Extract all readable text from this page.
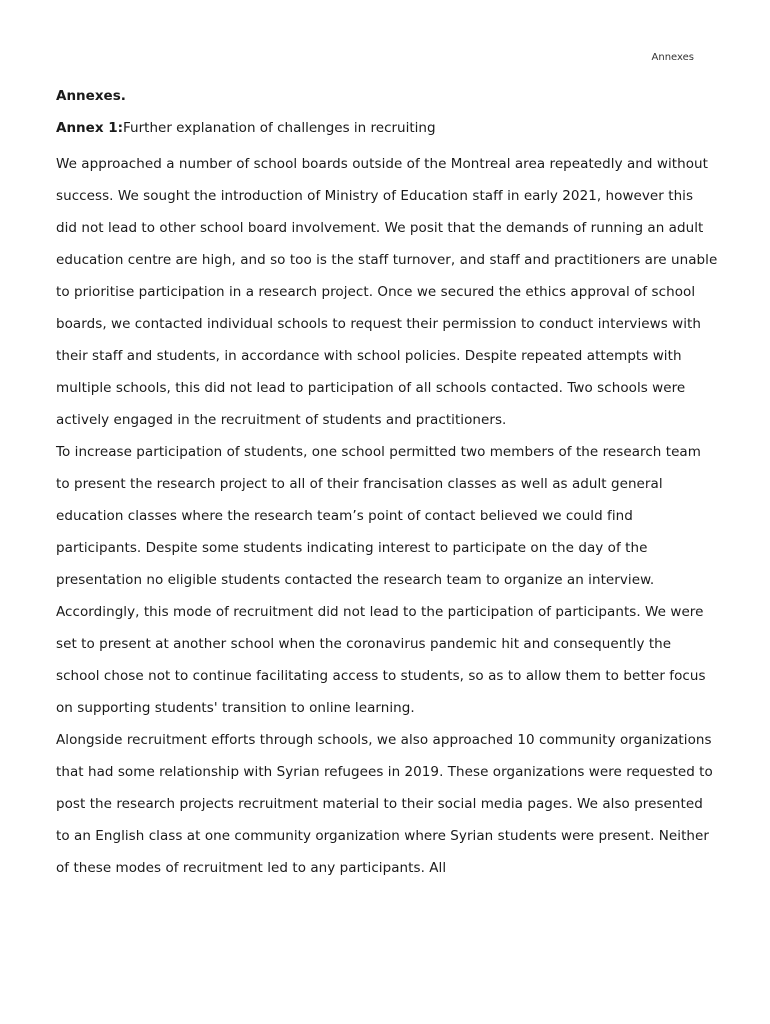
Annexes
Annexes.
Annex 1:Further explanation of challenges in recruiting

We approached a number of school boards outside of the Montreal area repeatedly and without success. We sought the introduction of Ministry of Education staff in early 2021, however this did not lead to other school board involvement. We posit that the demands of running an adult education centre are high, and so too is the staff turnover, and staff and practitioners are unable to prioritise participation in a research project. Once we secured the ethics approval of school boards, we contacted individual schools to request their permission to conduct interviews with their staff and students, in accordance with school policies. Despite repeated attempts with multiple schools, this did not lead to participation of all schools contacted. Two schools were actively engaged in the recruitment of students and practitioners.

To increase participation of students, one school permitted two members of the research team to present the research project to all of their francisation classes as well as adult general education classes where the research team’s point of contact believed we could find participants. Despite some students indicating interest to participate on the day of the presentation no eligible students contacted the research team to organize an interview. Accordingly, this mode of recruitment did not lead to the participation of participants. We were set to present at another school when the coronavirus pandemic hit and consequently the school chose not to continue facilitating access to students, so as to allow them to better focus on supporting students' transition to online learning.

Alongside recruitment efforts through schools, we also approached 10 community organizations that had some relationship with Syrian refugees in 2019. These organizations were requested to post the research projects recruitment material to their social media pages. We also presented to an English class at one community organization where Syrian students were present. Neither of these modes of recruitment led to any participants. All
